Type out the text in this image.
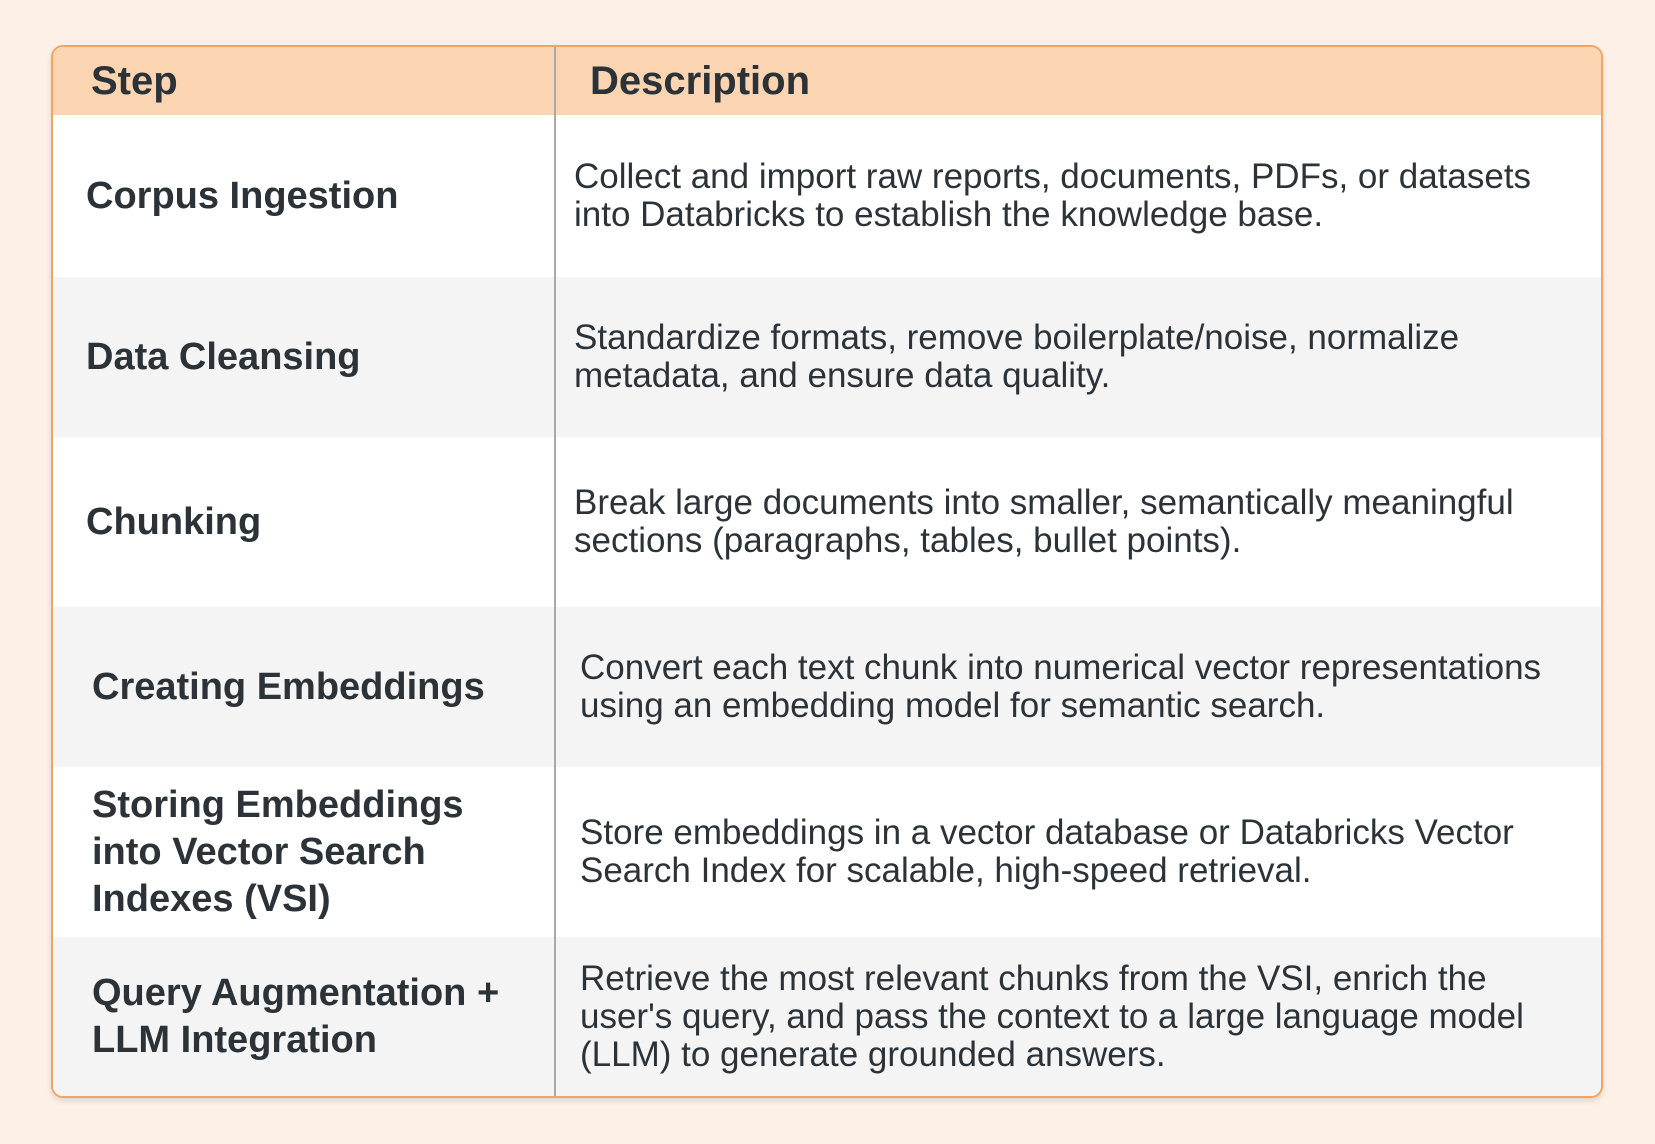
Step	Description
Corpus Ingestion	Collect and import raw reports, documents, PDFs, or datasets into Databricks to establish the knowledge base.
Data Cleansing	Standardize formats, remove boilerplate/noise, normalize metadata, and ensure data quality.
Chunking	Break large documents into smaller, semantically meaningful sections (paragraphs, tables, bullet points).
Creating Embeddings	Convert each text chunk into numerical vector representations using an embedding model for semantic search.
Storing Embeddings into Vector Search Indexes (VSI)	Store embeddings in a vector database or Databricks Vector Search Index for scalable, high-speed retrieval.
Query Augmentation + LLM Integration	Retrieve the most relevant chunks from the VSI, enrich the user's query, and pass the context to a large language model (LLM) to generate grounded answers.
